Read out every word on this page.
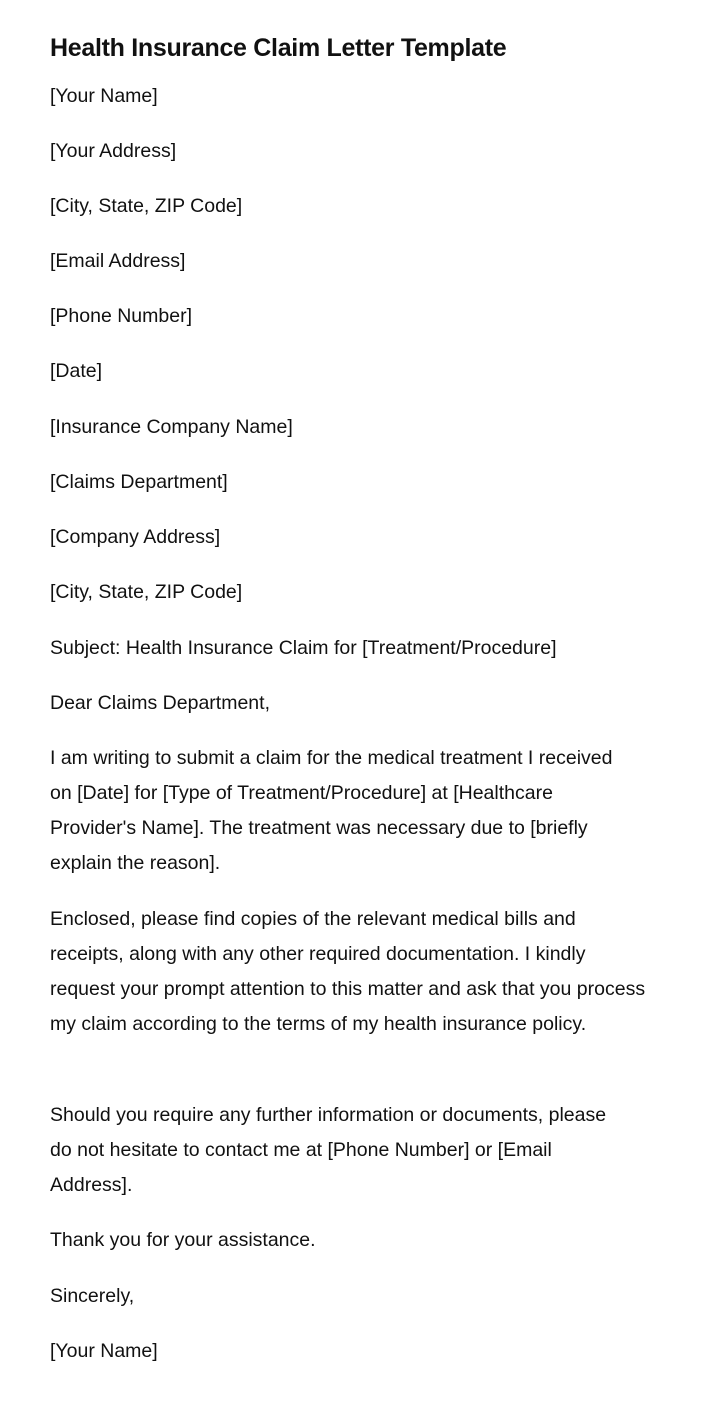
Health Insurance Claim Letter Template

[Your Name]

[Your Address]

[City, State, ZIP Code]

[Email Address]

[Phone Number]

[Date]

[Insurance Company Name]

[Claims Department]

[Company Address]

[City, State, ZIP Code]

Subject: Health Insurance Claim for [Treatment/Procedure]

Dear Claims Department,

I am writing to submit a claim for the medical treatment I received on [Date] for [Type of Treatment/Procedure] at [Healthcare Provider's Name]. The treatment was necessary due to [briefly explain the reason].

Enclosed, please find copies of the relevant medical bills and receipts, along with any other required documentation. I kindly request your prompt attention to this matter and ask that you process my claim according to the terms of my health insurance policy.

Should you require any further information or documents, please do not hesitate to contact me at [Phone Number] or [Email Address].

Thank you for your assistance.

Sincerely,

[Your Name]
